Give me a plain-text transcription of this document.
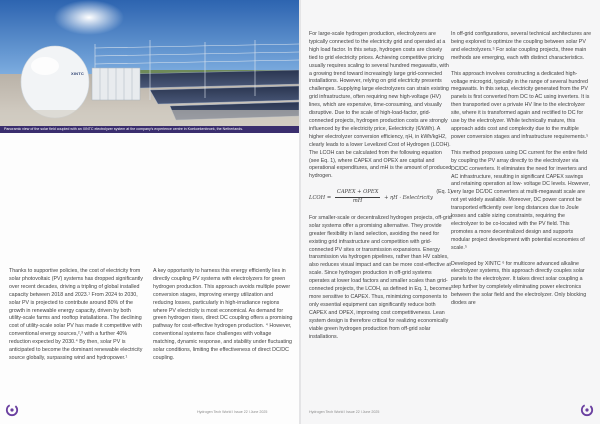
XINTC
Panoramic view of the solar field coupled with an XINTC electrolyzer system at the company's experience centre in Koekoekenbroek, the Netherlands.

Thanks to supportive policies, the cost of electricity from solar photovoltaic (PV) systems has dropped significantly over recent decades, driving a tripling of global installed capacity between 2018 and 2023.¹ From 2024 to 2030, solar PV is projected to contribute around 80% of the growth in renewable energy capacity, driven by both utility-scale farms and rooftop installations. The declining cost of utility-scale solar PV has made it competitive with conventional energy sources,²,³ with a further 40% reduction expected by 2030.⁴ By then, solar PV is anticipated to become the dominant renewable electricity source globally, surpassing wind and hydropower.¹

A key opportunity to harness this energy efficiently lies in directly coupling PV systems with electrolyzers for green hydrogen production. This approach avoids multiple power conversion stages, improving energy utilization and reducing losses, particularly in high-irradiance regions where PV electricity is most economical. As demand for green hydrogen rises, direct DC coupling offers a promising pathway for cost-effective hydrogen production. ⁴ However, conventional systems face challenges with voltage matching, dynamic response, and stability under fluctuating solar conditions, limiting the effectiveness of direct DC/DC coupling.

Hydrogen Tech World l Issue 22 l June 2025

For large-scale hydrogen production, electrolyzers are typically connected to the electricity grid and operated at a high load factor. In this setup, hydrogen costs are closely tied to grid electricity prices. Achieving competitive pricing usually requires scaling to several hundred megawatts, with a growing trend toward increasingly large grid-connected installations. However, relying on grid electricity presents challenges. Supplying large electrolyzers can strain existing grid infrastructure, often requiring new high-voltage (HV) lines, which are expensive, time-consuming, and visually disruptive. Due to the scale of high-load-factor, grid-connected projects, hydrogen production costs are strongly influenced by the electricity price, Eelectricity (€/kWh). A higher electrolyzer conversion efficiency, ηH, in kWh/kgH2, clearly leads to a lower Levelized Cost of Hydrogen (LCOH). The LCOH can be calculated from the following equation (see Eq. 1), where CAPEX and OPEX are capital and operational expenditures, and mH is the amount of produced hydrogen.

LCOH =
CAPEX + OPEX
mH	+ ηH · Eelectricity
(Eq. 1)

For smaller-scale or decentralized hydrogen projects, off-grid solar systems offer a promising alternative. They provide greater flexibility in land selection, avoiding the need for existing grid infrastructure and competition with grid-connected PV sites or transmission expansions. Energy transmission via hydrogen pipelines, rather than HV cables, also reduces visual impact and can be more cost-effective at scale. Since hydrogen production in off-grid systems operates at lower load factors and smaller scales than grid-connected projects, the LCOH, as defined in Eq. 1, becomes more sensitive to CAPEX. Thus, minimizing components to only essential equipment can significantly reduce both CAPEX and OPEX, improving cost competitiveness. Lean system design is therefore critical for realizing economically viable green hydrogen production from off-grid solar installations.

In off-grid configurations, several technical architectures are being explored to optimize the coupling between solar PV and electrolyzers.⁵ For solar coupling projects, three main methods are emerging, each with distinct characteristics.

This approach involves constructing a dedicated high-voltage microgrid, typically in the range of several hundred megawatts. In this setup, electricity generated from the PV panels is first converted from DC to AC using inverters. It is then transported over a private HV line to the electrolyzer site, where it is transformed again and rectified to DC for use by the electrolyzer. While technically mature, this approach adds cost and complexity due to the multiple power conversion stages and infrastructure requirements.⁵

This method proposes using DC current for the entire field by coupling the PV array directly to the electrolyzer via DC/DC converters. It eliminates the need for inverters and AC infrastructure, resulting in significant CAPEX savings and retaining operation at low- voltage DC levels. However, very large DC/DC converters at multi-megawatt scale are not yet widely available. Moreover, DC power cannot be transported efficiently over long distances due to Joule losses and cable sizing constraints, requiring the electrolyzer to be co-located with the PV field. This promotes a more decentralized design and supports modular project development with potential economies of scale.⁵

Developed by XINTC ⁶ for multicore advanced alkaline electrolyzer systems, this approach directly couples solar panels to the electrolyzer. It takes direct solar coupling a step further by completely eliminating power electronics between the solar field and the electrolyzer. Only blocking diodes are

Hydrogen Tech World l Issue 22 l June 2025
